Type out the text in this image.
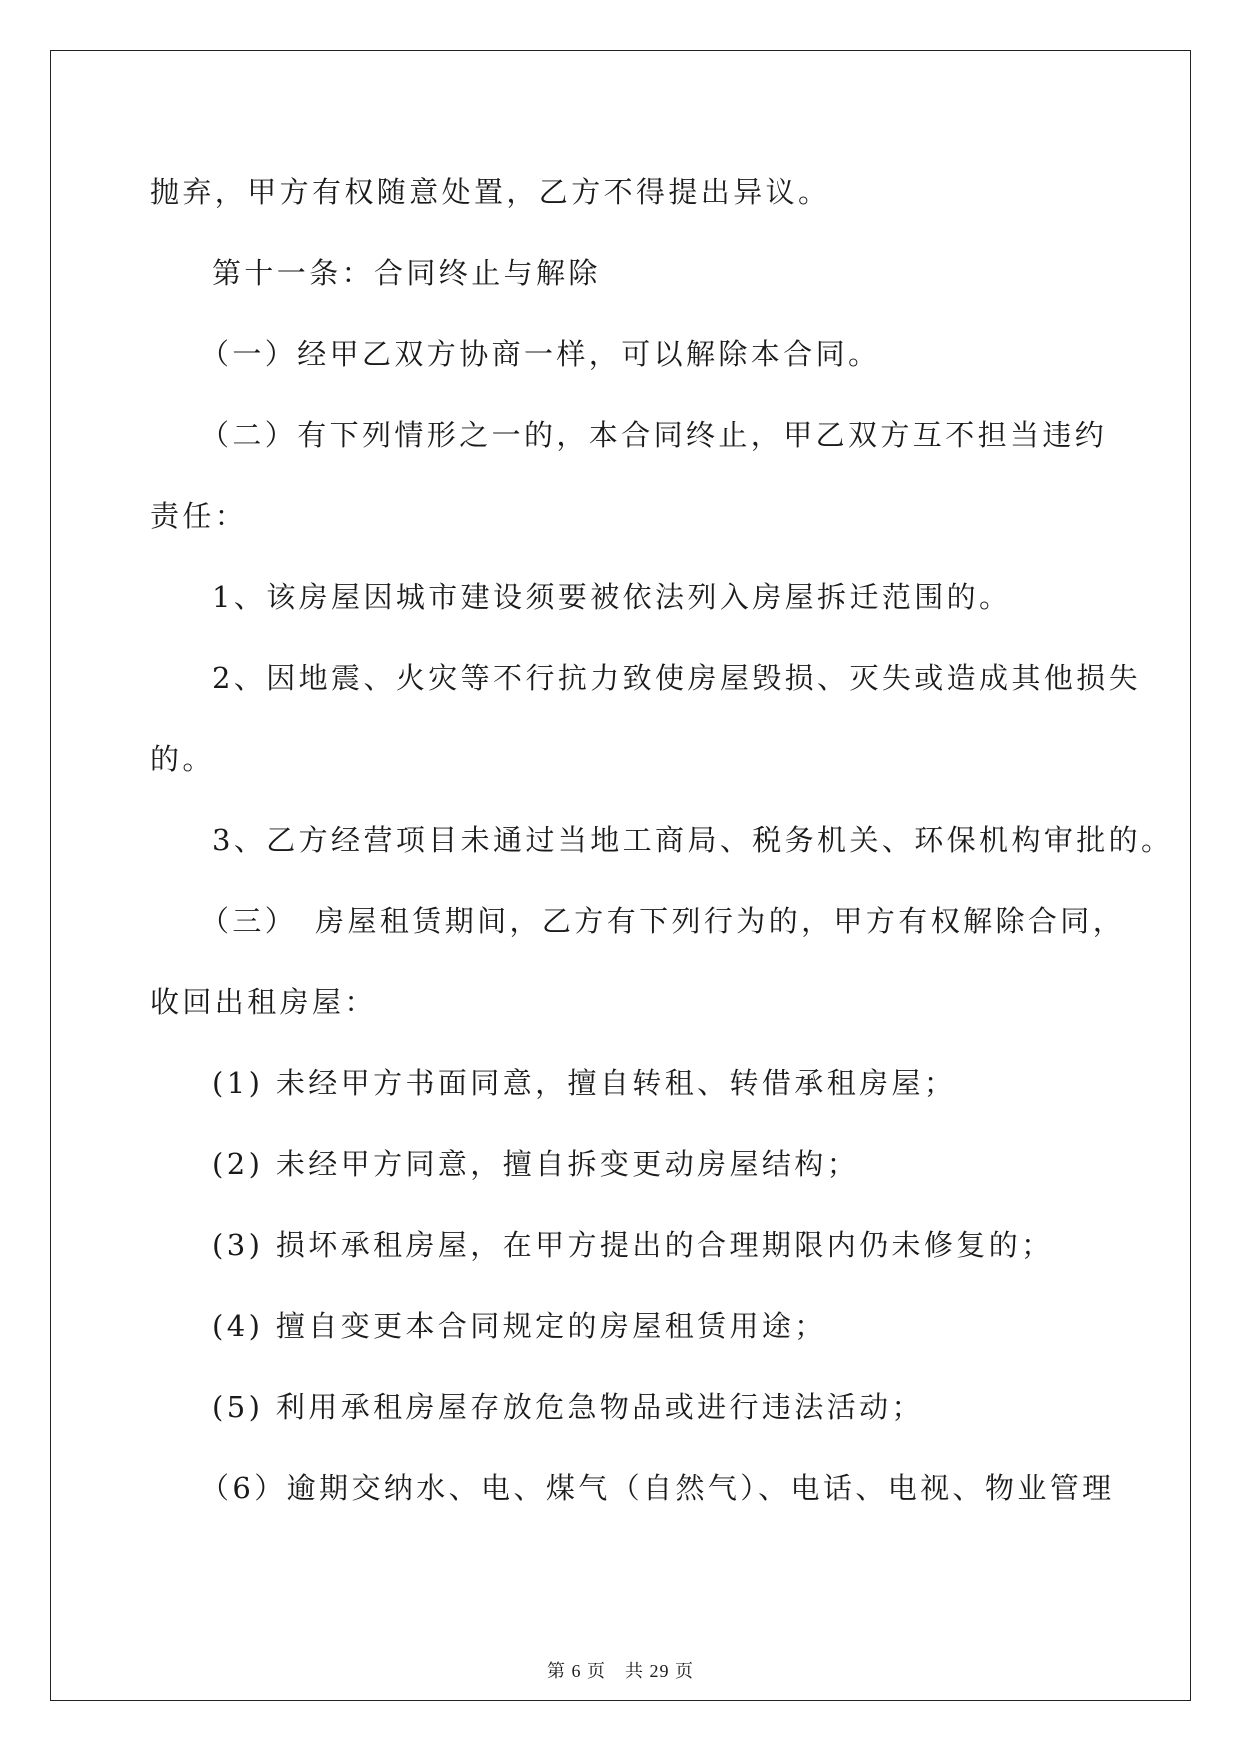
抛弃，甲方有权随意处置，乙方不得提出异议。
第十一条：合同终止与解除
（一）经甲乙双方协商一样，可以解除本合同。
（二）有下列情形之一的，本合同终止，甲乙双方互不担当违约
责任：
1、该房屋因城市建设须要被依法列入房屋拆迁范围的。
2、因地震、火灾等不行抗力致使房屋毁损、灭失或造成其他损失
的。
3、乙方经营项目未通过当地工商局、税务机关、环保机构审批的。
（三）　房屋租赁期间，乙方有下列行为的，甲方有权解除合同，
收回出租房屋：
(1) 未经甲方书面同意，擅自转租、转借承租房屋；
(2) 未经甲方同意，擅自拆变更动房屋结构；
(3) 损坏承租房屋，在甲方提出的合理期限内仍未修复的；
(4) 擅自变更本合同规定的房屋租赁用途；
(5) 利用承租房屋存放危急物品或进行违法活动；
（6）逾期交纳水、电、煤气（自然气）、电话、电视、物业管理
第 6 页　共 29 页
